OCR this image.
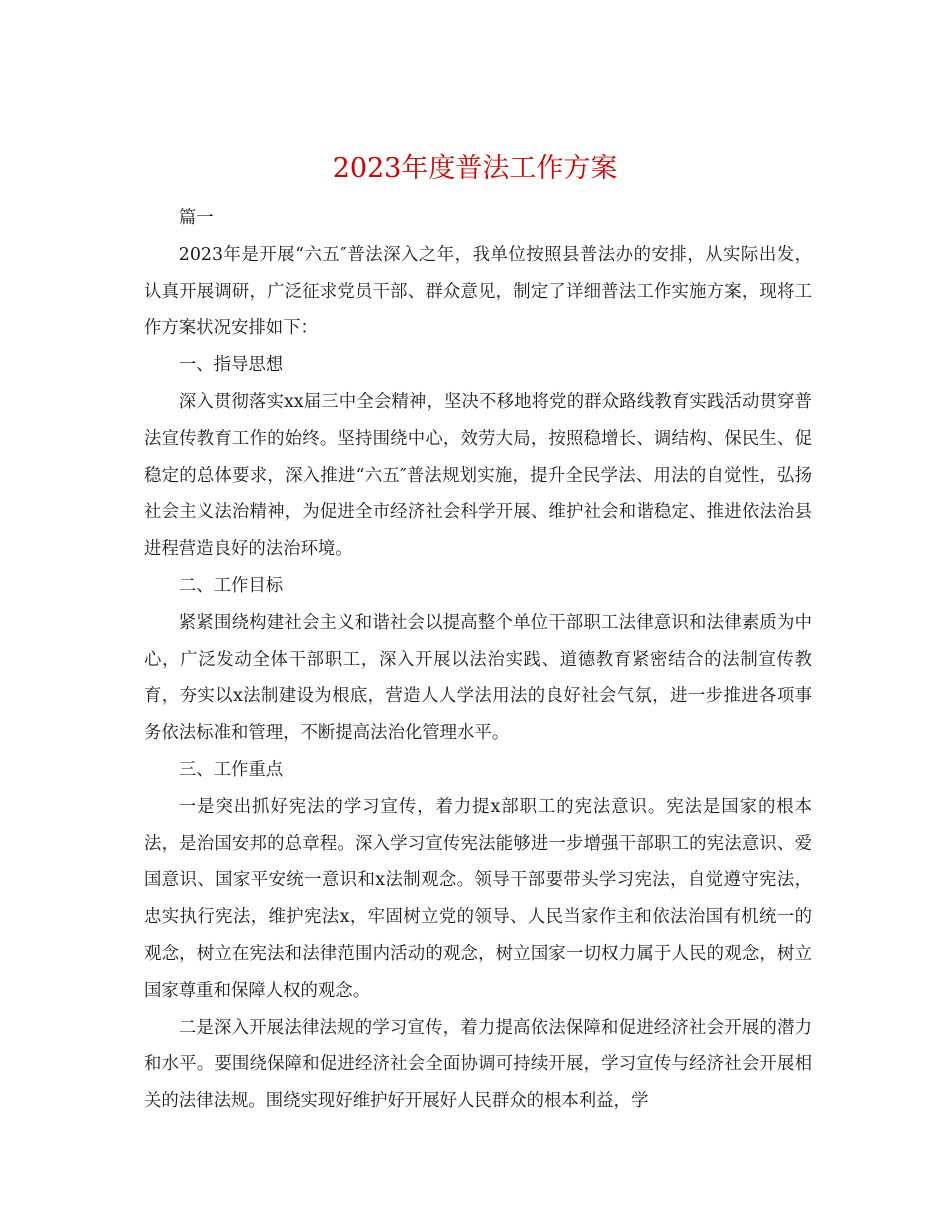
2023年度普法工作方案

篇一

2023年是开展“六五″普法深入之年，我单位按照县普法办的安排，从实际出发，认真开展调研，广泛征求党员干部、群众意见，制定了详细普法工作实施方案，现将工作方案状况安排如下：

一、指导思想

深入贯彻落实xx届三中全会精神，坚决不移地将党的群众路线教育实践活动贯穿普法宣传教育工作的始终。坚持围绕中心，效劳大局，按照稳增长、调结构、保民生、促稳定的总体要求，深入推进“六五″普法规划实施，提升全民学法、用法的自觉性，弘扬社会主义法治精神，为促进全市经济社会科学开展、维护社会和谐稳定、推进依法治县进程营造良好的法治环境。

二、工作目标

紧紧围绕构建社会主义和谐社会以提高整个单位干部职工法律意识和法律素质为中心，广泛发动全体干部职工，深入开展以法治实践、道德教育紧密结合的法制宣传教育，夯实以x法制建设为根底，营造人人学法用法的良好社会气氛，进一步推进各项事务依法标准和管理，不断提高法治化管理水平。

三、工作重点

一是突出抓好宪法的学习宣传，着力提x部职工的宪法意识。宪法是国家的根本法，是治国安邦的总章程。深入学习宣传宪法能够进一步增强干部职工的宪法意识、爱国意识、国家平安统一意识和x法制观念。领导干部要带头学习宪法，自觉遵守宪法，忠实执行宪法，维护宪法x，牢固树立党的领导、人民当家作主和依法治国有机统一的观念，树立在宪法和法律范围内活动的观念，树立国家一切权力属于人民的观念，树立国家尊重和保障人权的观念。

二是深入开展法律法规的学习宣传，着力提高依法保障和促进经济社会开展的潜力和水平。要围绕保障和促进经济社会全面协调可持续开展，学习宣传与经济社会开展相关的法律法规。围绕实现好维护好开展好人民群众的根本利益，学
